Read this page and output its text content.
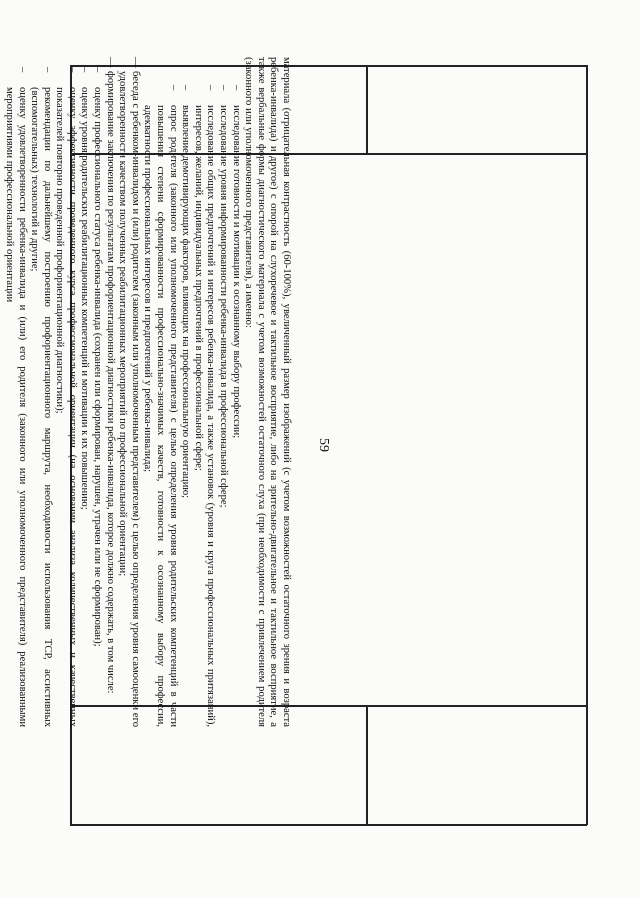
59

материала (отрицательная контрастность (60-100%), увеличенный размер изображений (с учетом возможностей остаточного зрения и возраста ребенка-инвалида) и другое) с опорой на слухоречевое и тактильное восприятие, либо на зрительно-двигательное и тактильное восприятие, а также вербальные формы диагностического материала с учетом возможностей остаточного слуха (при необходимости с привлечением родителя (законного или уполномоченного представителя), а именно:

–
исследование готовности и мотивации к осознанному выбору профессии;
–
исследование уровня информированности ребенка-инвалида в профессиональной сфере;
–
исследование общих предпочтений и интересов ребенка-инвалида, а также установок (уровня и круга профессиональных притязаний), интересов, желаний, индивидуальных предпочтений в профессиональной сфере;
–
выявление демотивирующих факторов, влияющих на профессиональную ориентацию;
–
опрос родителя (законного или уполномоченного представителя) с целью определения уровня родительских компетенций в части повышения степени сформированности профессионально-значимых качеств, готовности к осознанному выбору профессии, адекватности профессиональных интересов и предпочтений у ребенка-инвалида;
—
беседа с ребенком-инвалидом и (или) родителем (законным или уполномоченным представителем) с целью определения уровня самооценки его удовлетворенности качеством полученных реабилитационных мероприятий по профессиональной ориентации;
—
формирование заключения по результатам профориентационной диагностики ребенка-инвалида, которое должно содержать, в том числе:
–
оценку профессионального статуса ребенка-инвалида (сохранен или сформирован, нарушен, утрачен или не сформирован);
–
оценку уровня родительских реабилитационных компетенций и мотивации к их повышению;
–
оценку эффективности проведенного курса профессиональной ориентации (на основании анализа количественных и качественных показателей повторно проведенной профориентационной диагностики);
–
рекомендации по дальнейшему построению профориентационного маршрута, необходимости использования ТСР, ассистивных (вспомогательных) технологий и другие;
–
оценку удовлетворенности ребенка-инвалида и (или) его родителя (законного или уполномоченного представителя) реализованными мероприятиями профессиональной ориентации
